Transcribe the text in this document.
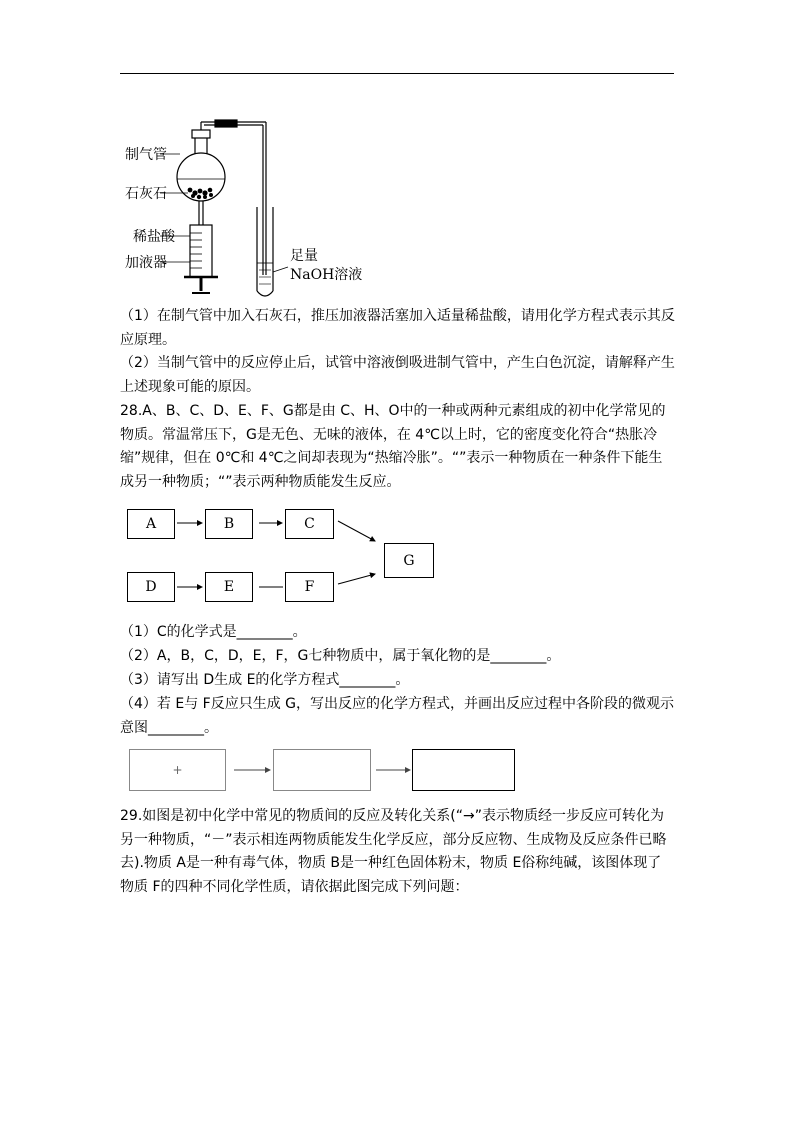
制气管
石灰石
稀盐酸
加液器	足量
NaOH溶液
（1）在制气管中加入石灰石，推压加液器活塞加入适量稀盐酸，请用化学方程式表示其反应原理。
（2）当制气管中的反应停止后，试管中溶液倒吸进制气管中，产生白色沉淀，请解释产生上述现象可能的原因。
28.A、B、C、D、E、F、G都是由 C、H、O中的一种或两种元素组成的初中化学常见的物质。常温常压下，G是无色、无味的液体，在 4℃以上时，它的密度变化符合“热胀冷缩”规律，但在 0℃和 4℃之间却表现为“热缩冷胀”。“”表示一种物质在一种条件下能生成另一种物质；“”表示两种物质能发生反应。
A	B	C
G
D	E	F
（1）C的化学式是________。
（2）A，B，C，D，E，F，G七种物质中，属于氧化物的是________。
（3）请写出 D生成 E的化学方程式________。
（4）若 E与 F反应只生成 G，写出反应的化学方程式，并画出反应过程中各阶段的微观示意图________。
+
29.如图是初中化学中常见的物质间的反应及转化关系(“→”表示物质经一步反应可转化为另一种物质，“－”表示相连两物质能发生化学反应，部分反应物、生成物及反应条件已略去).物质 A是一种有毒气体，物质 B是一种红色固体粉末，物质 E俗称纯碱，该图体现了物质 F的四种不同化学性质，请依据此图完成下列问题：
